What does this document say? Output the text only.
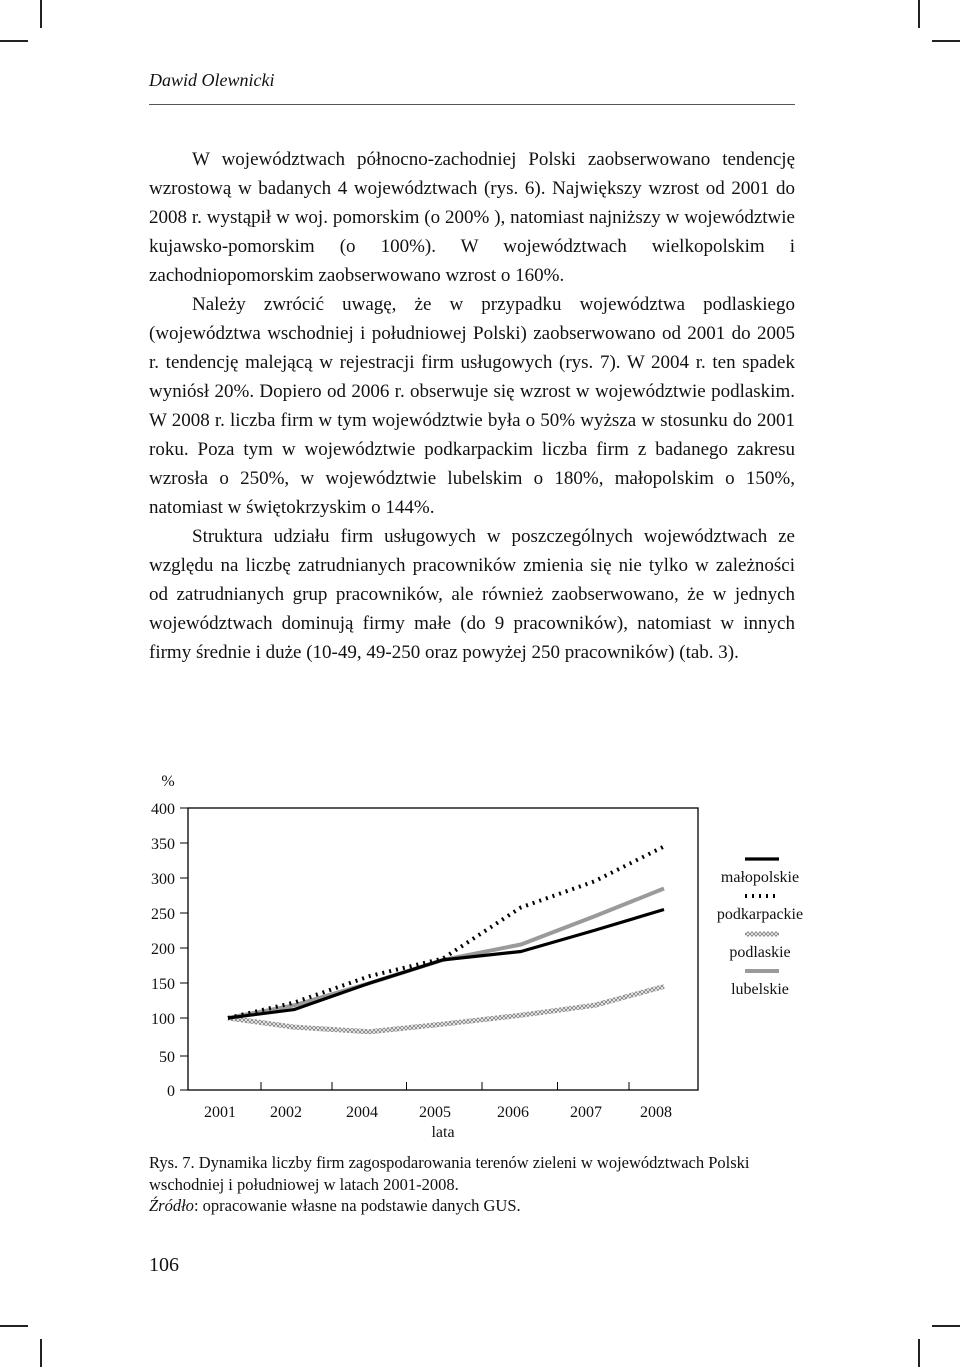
Dawid Olewnicki

W województwach północno-zachodniej Polski zaobserwowano tendencję wzrostową w badanych 4 województwach (rys. 6). Największy wzrost od 2001 do 2008 r. wystąpił w woj. pomorskim (o 200% ), natomiast najniższy w województwie kujawsko-pomorskim (o 100%). W województwach wielkopolskim i zachodniopomorskim zaobserwowano wzrost o 160%.

Należy zwrócić uwagę, że w przypadku województwa podlaskiego (województwa wschodniej i południowej Polski) zaobserwowano od 2001 do 2005 r. tendencję malejącą w rejestracji firm usługowych (rys. 7). W 2004 r. ten spadek wyniósł 20%. Dopiero od 2006 r. obserwuje się wzrost w województwie podlaskim. W 2008 r. liczba firm w tym województwie była o 50% wyższa w stosunku do 2001 roku. Poza tym w województwie podkarpackim liczba firm z badanego zakresu wzrosła o 250%, w województwie lubelskim o 180%, małopolskim o 150%, natomiast w świętokrzyskim o 144%.

Struktura udziału firm usługowych w poszczególnych województwach ze względu na liczbę zatrudnianych pracowników zmienia się nie tylko w zależności od zatrudnianych grup pracowników, ale również zaobserwowano, że w jednych województwach dominują firmy małe (do 9 pracowników), natomiast w innych firmy średnie i duże (10-49, 49-250 oraz powyżej 250 pracowników) (tab. 3).

0
50
100
150
200
250
300
350
400
%
2001 2002	2004	2005	2006	2007 2008
lata
małopolskie
podkarpackie
podlaskie
lubelskie
Rys. 7. Dynamika liczby firm zagospodarowania terenów zieleni w województwach Polski wschodniej i południowej w latach 2001-2008.
Źródło: opracowanie własne na podstawie danych GUS.
106
